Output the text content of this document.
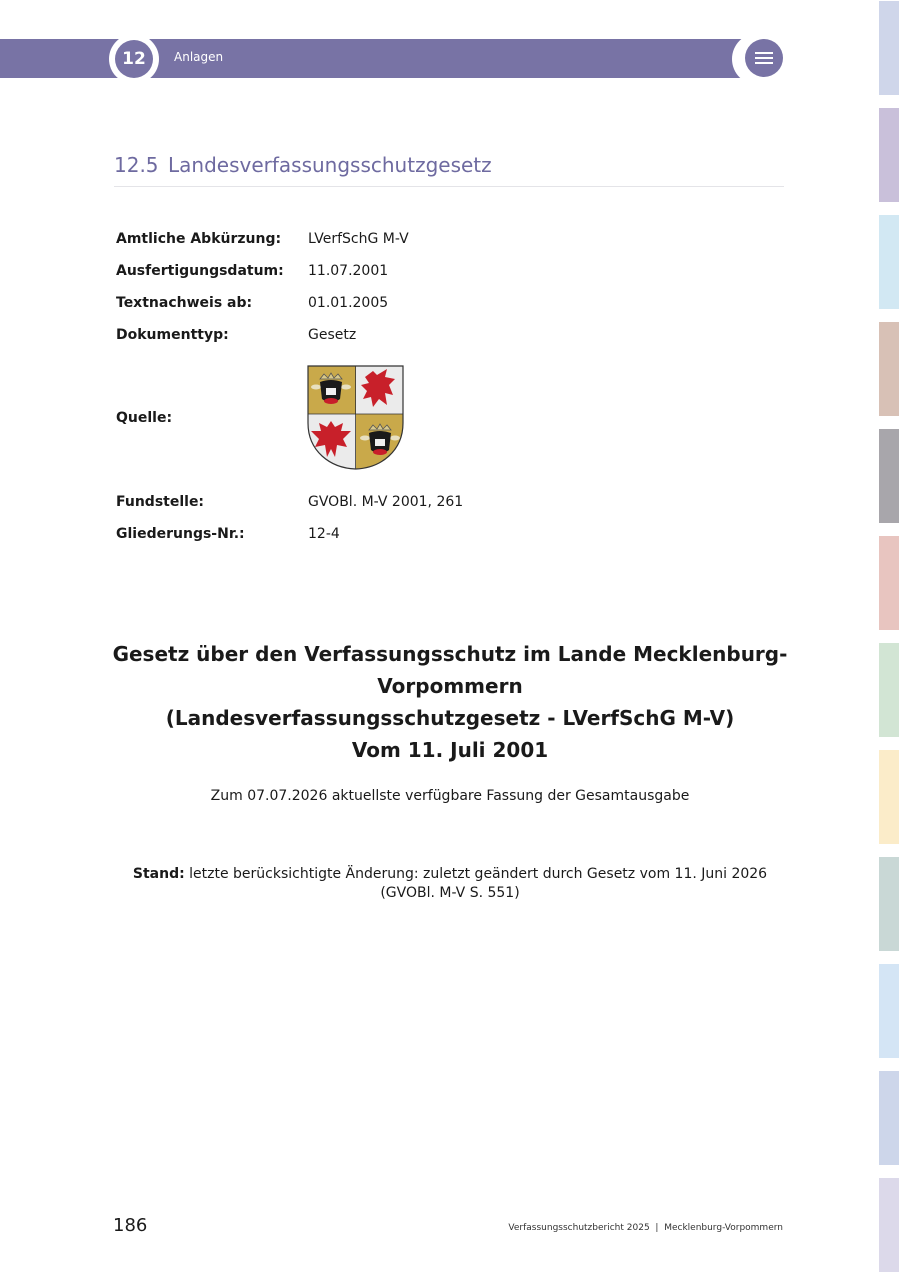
12	Anlagen
12.5 Landesverfassungsschutzgesetz
Amtliche Abkürzung: LVerfSchG M-V
Ausfertigungsdatum: 11.07.2001
Textnachweis ab:	01.01.2005
Dokumenttyp:	Gesetz
Quelle:
Fundstelle:	GVOBl. M-V 2001, 261
Gliederungs-Nr.:	12-4
Gesetz über den Verfassungsschutz im Lande Mecklenburg-Vorpommern
(Landesverfassungsschutzgesetz - LVerfSchG M-V)
Vom 11. Juli 2001
Zum 07.07.2026 aktuellste verfügbare Fassung der Gesamtausgabe
Stand: letzte berücksichtigte Änderung: zuletzt geändert durch Gesetz vom 11. Juni 2026
(GVOBl. M-V S. 551)
186	Verfassungsschutzbericht 2025 | Mecklenburg-Vorpommern
